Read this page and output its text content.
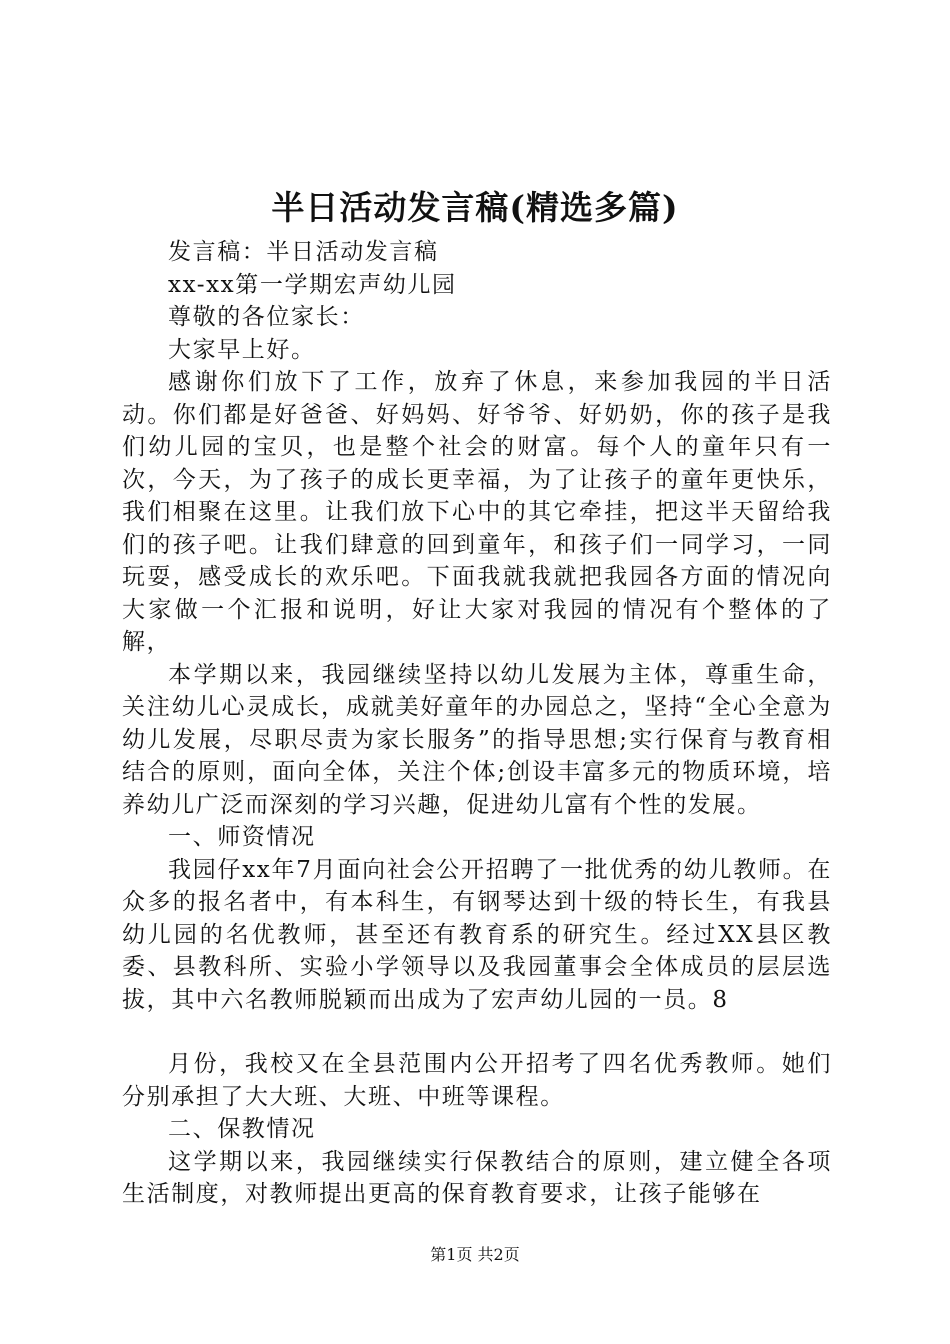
半日活动发言稿(精选多篇)

发言稿：半日活动发言稿

xx-xx第一学期宏声幼儿园

尊敬的各位家长：

大家早上好。

感谢你们放下了工作，放弃了休息，来参加我园的半日活动。你们都是好爸爸、好妈妈、好爷爷、好奶奶，你的孩子是我们幼儿园的宝贝，也是整个社会的财富。每个人的童年只有一次，今天，为了孩子的成长更幸福，为了让孩子的童年更快乐，我们相聚在这里。让我们放下心中的其它牵挂，把这半天留给我们的孩子吧。让我们肆意的回到童年，和孩子们一同学习，一同玩耍，感受成长的欢乐吧。下面我就我就把我园各方面的情况向大家做一个汇报和说明，好让大家对我园的情况有个整体的了解，

本学期以来，我园继续坚持以幼儿发展为主体，尊重生命，关注幼儿心灵成长，成就美好童年的办园总之，坚持“全心全意为幼儿发展，尽职尽责为家长服务”的指导思想;实行保育与教育相结合的原则，面向全体，关注个体;创设丰富多元的物质环境，培养幼儿广泛而深刻的学习兴趣，促进幼儿富有个性的发展。

一、师资情况

我园仔xx年7月面向社会公开招聘了一批优秀的幼儿教师。在众多的报名者中，有本科生，有钢琴达到十级的特长生，有我县幼儿园的名优教师，甚至还有教育系的研究生。经过XX县区教委、县教科所、实验小学领导以及我园董事会全体成员的层层选拔，其中六名教师脱颖而出成为了宏声幼儿园的一员。8

月份，我校又在全县范围内公开招考了四名优秀教师。她们分别承担了大大班、大班、中班等课程。

二、保教情况

这学期以来，我园继续实行保教结合的原则，建立健全各项生活制度，对教师提出更高的保育教育要求，让孩子能够在

第1页 共2页
